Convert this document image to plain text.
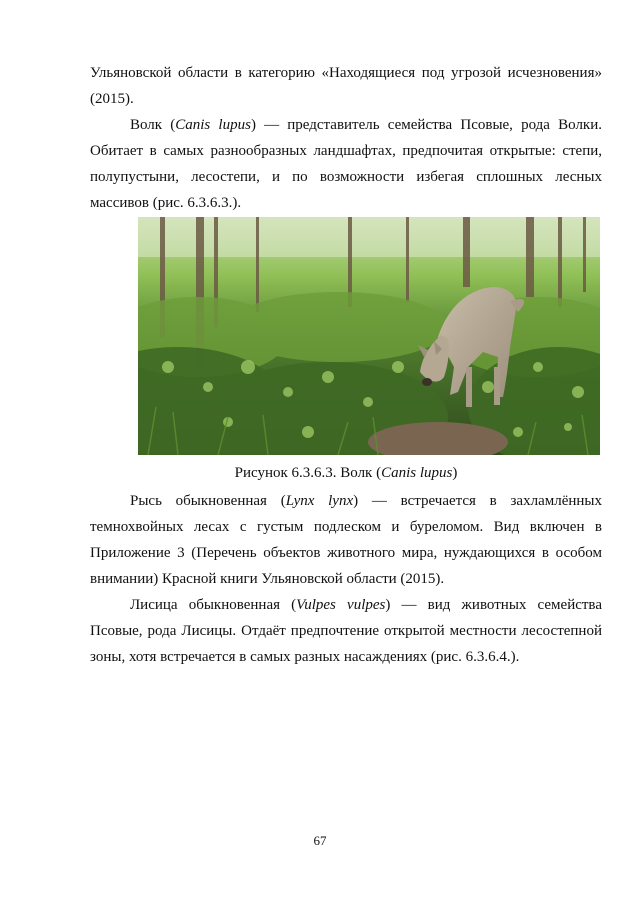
Ульяновской области в категорию «Находящиеся под угрозой исчезновения» (2015).

Волк (Canis lupus) — представитель семейства Псовые, рода Волки. Обитает в самых разнообразных ландшафтах, предпочитая открытые: степи, полупустыни, лесостепи, и по возможности избегая сплошных лесных массивов (рис. 6.3.6.3.).

Рисунок 6.3.6.3. Волк (Canis lupus)

Рысь обыкновенная (Lynx lynx) — встречается в захламлённых темнохвойных лесах с густым подлеском и буреломом. Вид включен в Приложение 3 (Перечень объектов животного мира, нуждающихся в особом внимании) Красной книги Ульяновской области (2015).

Лисица обыкновенная (Vulpes vulpes) — вид животных семейства Псовые, рода Лисицы. Отдаёт предпочтение открытой местности лесостепной зоны, хотя встречается в самых разных насаждениях (рис. 6.3.6.4.).

67
